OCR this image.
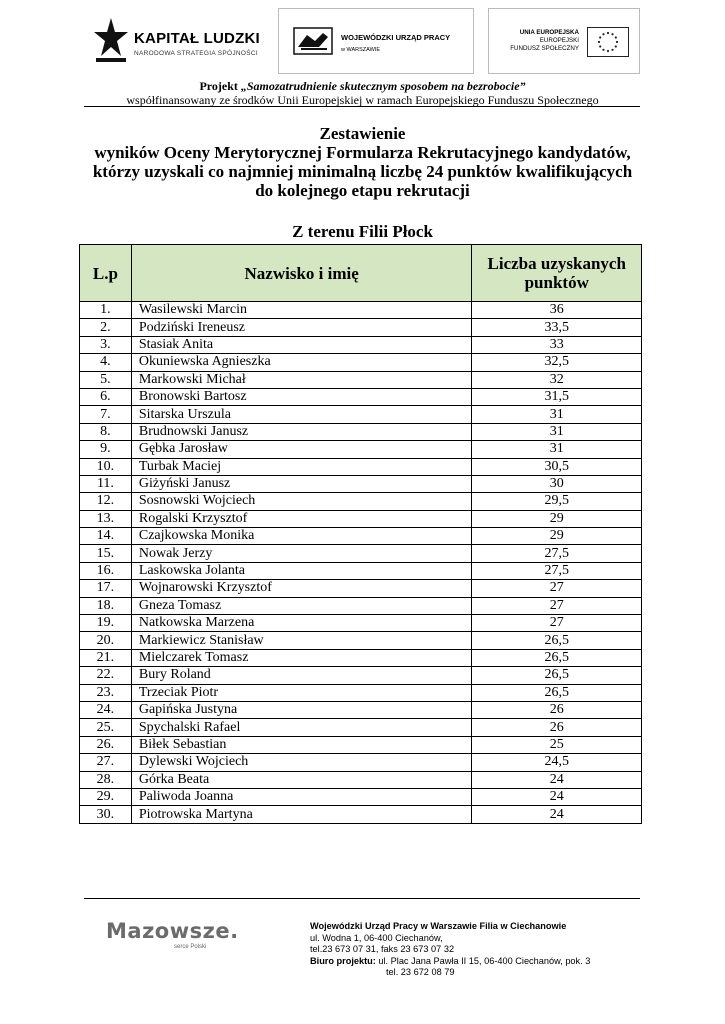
KAPITAŁ LUDZKI
NARODOWA STRATEGIA SPÓJNOŚCI
WOJEWÓDZKI URZĄD PRACY
w WARSZAWIE
UNIA EUROPEJSKA
EUROPEJSKI
FUNDUSZ SPOŁECZNY
Projekt „Samozatrudnienie skutecznym sposobem na bezrobocie”
współfinansowany ze środków Unii Europejskiej w ramach Europejskiego Funduszu Społecznego
Zestawienie
wyników Oceny Merytorycznej Formularza Rekrutacyjnego kandydatów,
którzy uzyskali co najmniej minimalną liczbę 24 punktów kwalifikujących
do kolejnego etapu rekrutacji
Z terenu Filii Płock
L.p	Nazwisko i imię	Liczba uzyskanych punktów
1.	Wasilewski Marcin	36
2.	Podziński Ireneusz	33,5
3.	Stasiak Anita	33
4.	Okuniewska Agnieszka	32,5
5.	Markowski Michał	32
6.	Bronowski Bartosz	31,5
7.	Sitarska Urszula	31
8.	Brudnowski Janusz	31
9.	Gębka Jarosław	31
10.	Turbak Maciej	30,5
11.	Giżyński Janusz	30
12.	Sosnowski Wojciech	29,5
13.	Rogalski Krzysztof	29
14.	Czajkowska Monika	29
15.	Nowak Jerzy	27,5
16.	Laskowska Jolanta	27,5
17.	Wojnarowski Krzysztof	27
18.	Gneza Tomasz	27
19.	Natkowska Marzena	27
20.	Markiewicz Stanisław	26,5
21.	Mielczarek Tomasz	26,5
22.	Bury Roland	26,5
23.	Trzeciak Piotr	26,5
24.	Gapińska Justyna	26
25.	Spychalski Rafael	26
26.	Biłek Sebastian	25
27.	Dylewski Wojciech	24,5
28.	Górka Beata	24
29.	Paliwoda Joanna	24
30.	Piotrowska Martyna	24
Mazowsze.
serce Polski
Wojewódzki Urząd Pracy w Warszawie Filia w Ciechanowie
ul. Wodna 1, 06-400 Ciechanów,
tel.23 673 07 31, faks 23 673 07 32
Biuro projektu: ul. Plac Jana Pawła II 15, 06-400 Ciechanów, pok. 3
tel. 23 672 08 79
